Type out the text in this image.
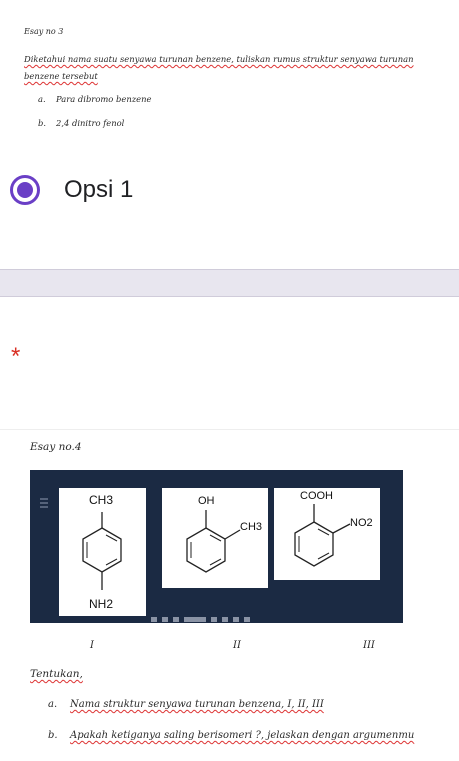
Esay no 3
Diketahui nama suatu senyawa turunan benzene, tuliskan rumus struktur senyawa turunan benzene tersebut
a. Para dibromo benzene
b. 2,4 dinitro fenol
Opsi 1
*
Esay no.4
CH3
NH2
OH
CH3
COOH
NO2
I	II	III
Tentukan,
a. Nama struktur senyawa turunan benzena, I, II, III
b. Apakah ketiganya saling berisomeri ?, jelaskan dengan argumenmu
